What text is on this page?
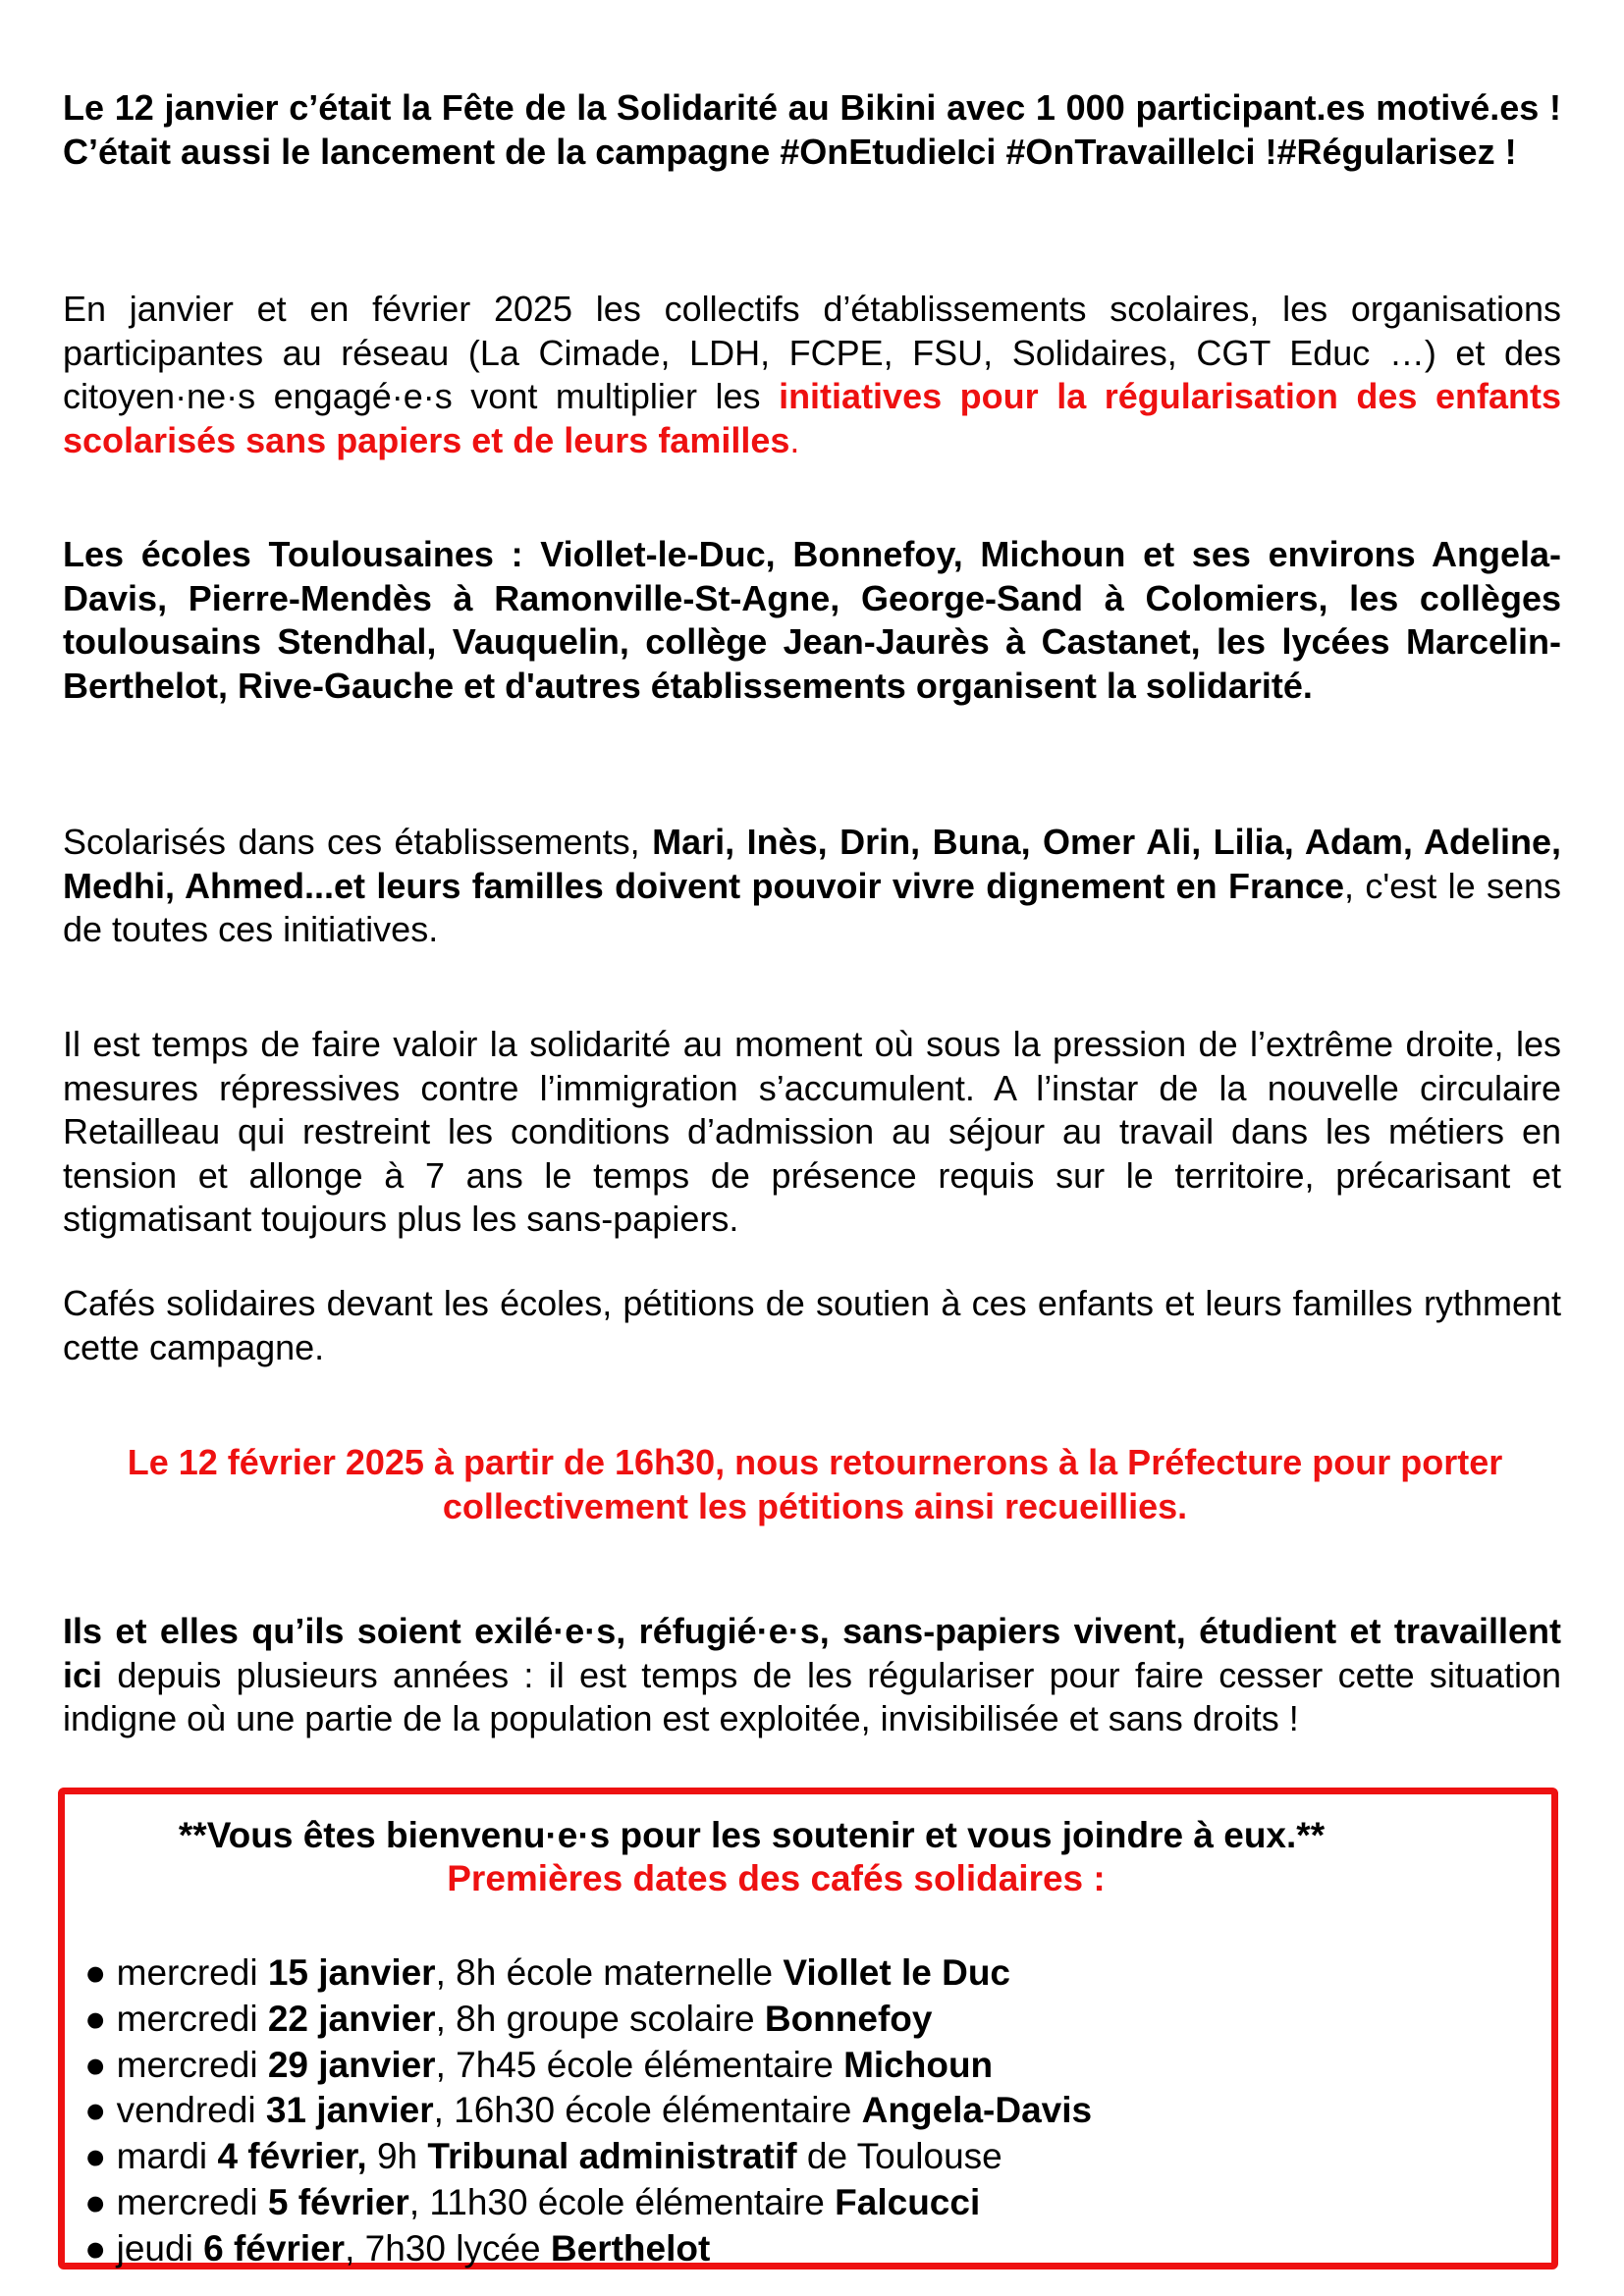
Le 12 janvier c’était la Fête de la Solidarité au Bikini avec 1 000 participant.es motivé.es ! C’était aussi le lancement de la campagne #OnEtudieIci #OnTravailleIci !#Régularisez !

En janvier et en février 2025 les collectifs d’établissements scolaires, les organisations participantes au réseau (La Cimade, LDH, FCPE, FSU, Solidaires, CGT Educ …) et des citoyen·ne·s engagé·e·s vont multiplier les initiatives pour la régularisation des enfants scolarisés sans papiers et de leurs familles.

Les écoles Toulousaines : Viollet-le-Duc, Bonnefoy, Michoun et ses environs Angela-Davis, Pierre-Mendès à Ramonville-St-Agne, George-Sand à Colomiers, les collèges toulousains Stendhal, Vauquelin, collège Jean-Jaurès à Castanet, les lycées Marcelin-Berthelot, Rive-Gauche et d'autres établissements organisent la solidarité.

Scolarisés dans ces établissements, Mari, Inès, Drin, Buna, Omer Ali, Lilia, Adam, Adeline, Medhi, Ahmed...et leurs familles doivent pouvoir vivre dignement en France, c'est le sens de toutes ces initiatives.

Il est temps de faire valoir la solidarité au moment où sous la pression de l’extrême droite, les mesures répressives contre l’immigration s’accumulent. A l’instar de la nouvelle circulaire Retailleau qui restreint les conditions d’admission au séjour au travail dans les métiers en tension et allonge à 7 ans le temps de présence requis sur le territoire, précarisant et stigmatisant toujours plus les sans-papiers.

Cafés solidaires devant les écoles, pétitions de soutien à ces enfants et leurs familles rythment cette campagne.

Le 12 février 2025 à partir de 16h30, nous retournerons à la Préfecture pour porter collectivement les pétitions ainsi recueillies.

Ils et elles qu’ils soient exilé·e·s, réfugié·e·s, sans-papiers vivent, étudient et travaillent ici depuis plusieurs années : il est temps de les régulariser pour faire cesser cette situation indigne où une partie de la population est exploitée, invisibilisée et sans droits !

**Vous êtes bienvenu·e·s pour les soutenir et vous joindre à eux.**
Premières dates des cafés solidaires :

● mercredi 15 janvier, 8h école maternelle Viollet le Duc
● mercredi 22 janvier, 8h groupe scolaire Bonnefoy
● mercredi 29 janvier, 7h45 école élémentaire Michoun
● vendredi 31 janvier, 16h30 école élémentaire Angela-Davis
● mardi 4 février, 9h Tribunal administratif de Toulouse
● mercredi 5 février, 11h30 école élémentaire Falcucci
● jeudi 6 février, 7h30 lycée Berthelot
